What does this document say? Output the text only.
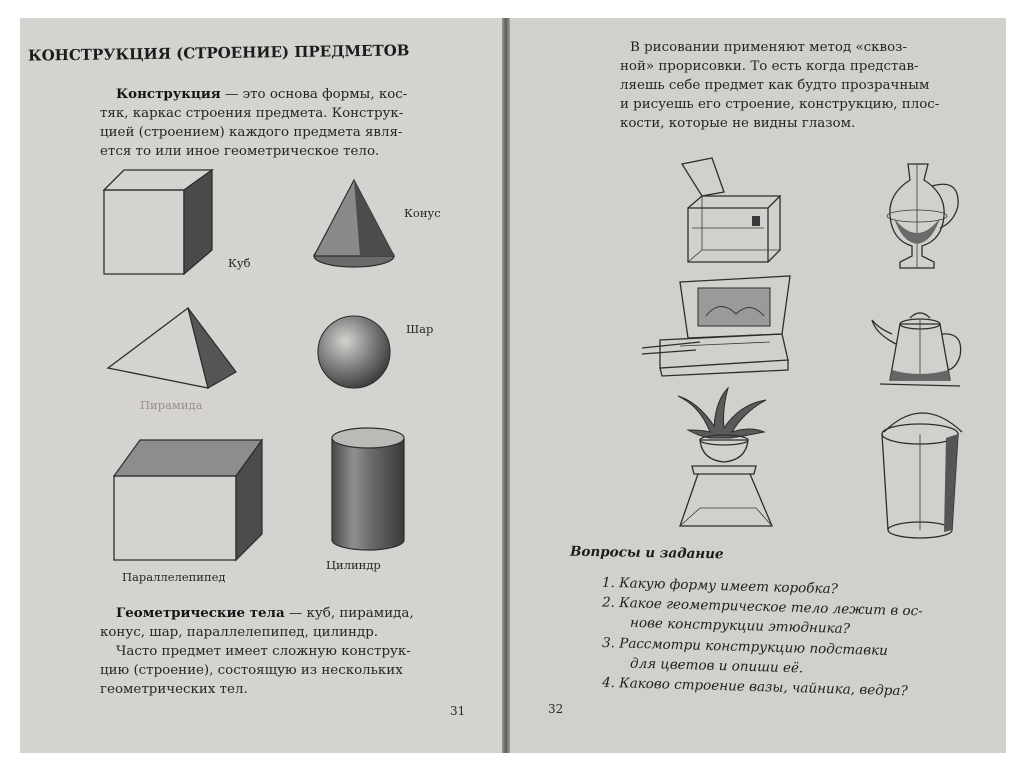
КОНСТРУКЦИЯ (СТРОЕНИЕ) ПРЕДМЕТОВ
Конструкция — это основа формы, кос-
тяк, каркас строения предмета. Конструк-
цией (строением) каждого предмета явля-
ется то или иное геометрическое тело.
Куб
Конус
Пирамида
Шар
Параллелепипед
Цилиндр
Геометрические тела — куб, пирамида,
конус, шар, параллелепипед, цилиндр.
Часто предмет имеет сложную конструк-
цию (строение), состоящую из нескольких
геометрических тел.
31
В рисовании применяют метод «сквоз-
ной» прорисовки. То есть когда представ-
ляешь себе предмет как будто прозрачным
и рисуешь его строение, конструкцию, плос-
кости, которые не видны глазом.
Вопросы и задание
1. Какую форму имеет коробка?
2. Какое геометрическое тело лежит в ос-
нове конструкции этюдника?
3. Рассмотри конструкцию подставки
для цветов и опиши её.
4. Каково строение вазы, чайника, ведра?
32
